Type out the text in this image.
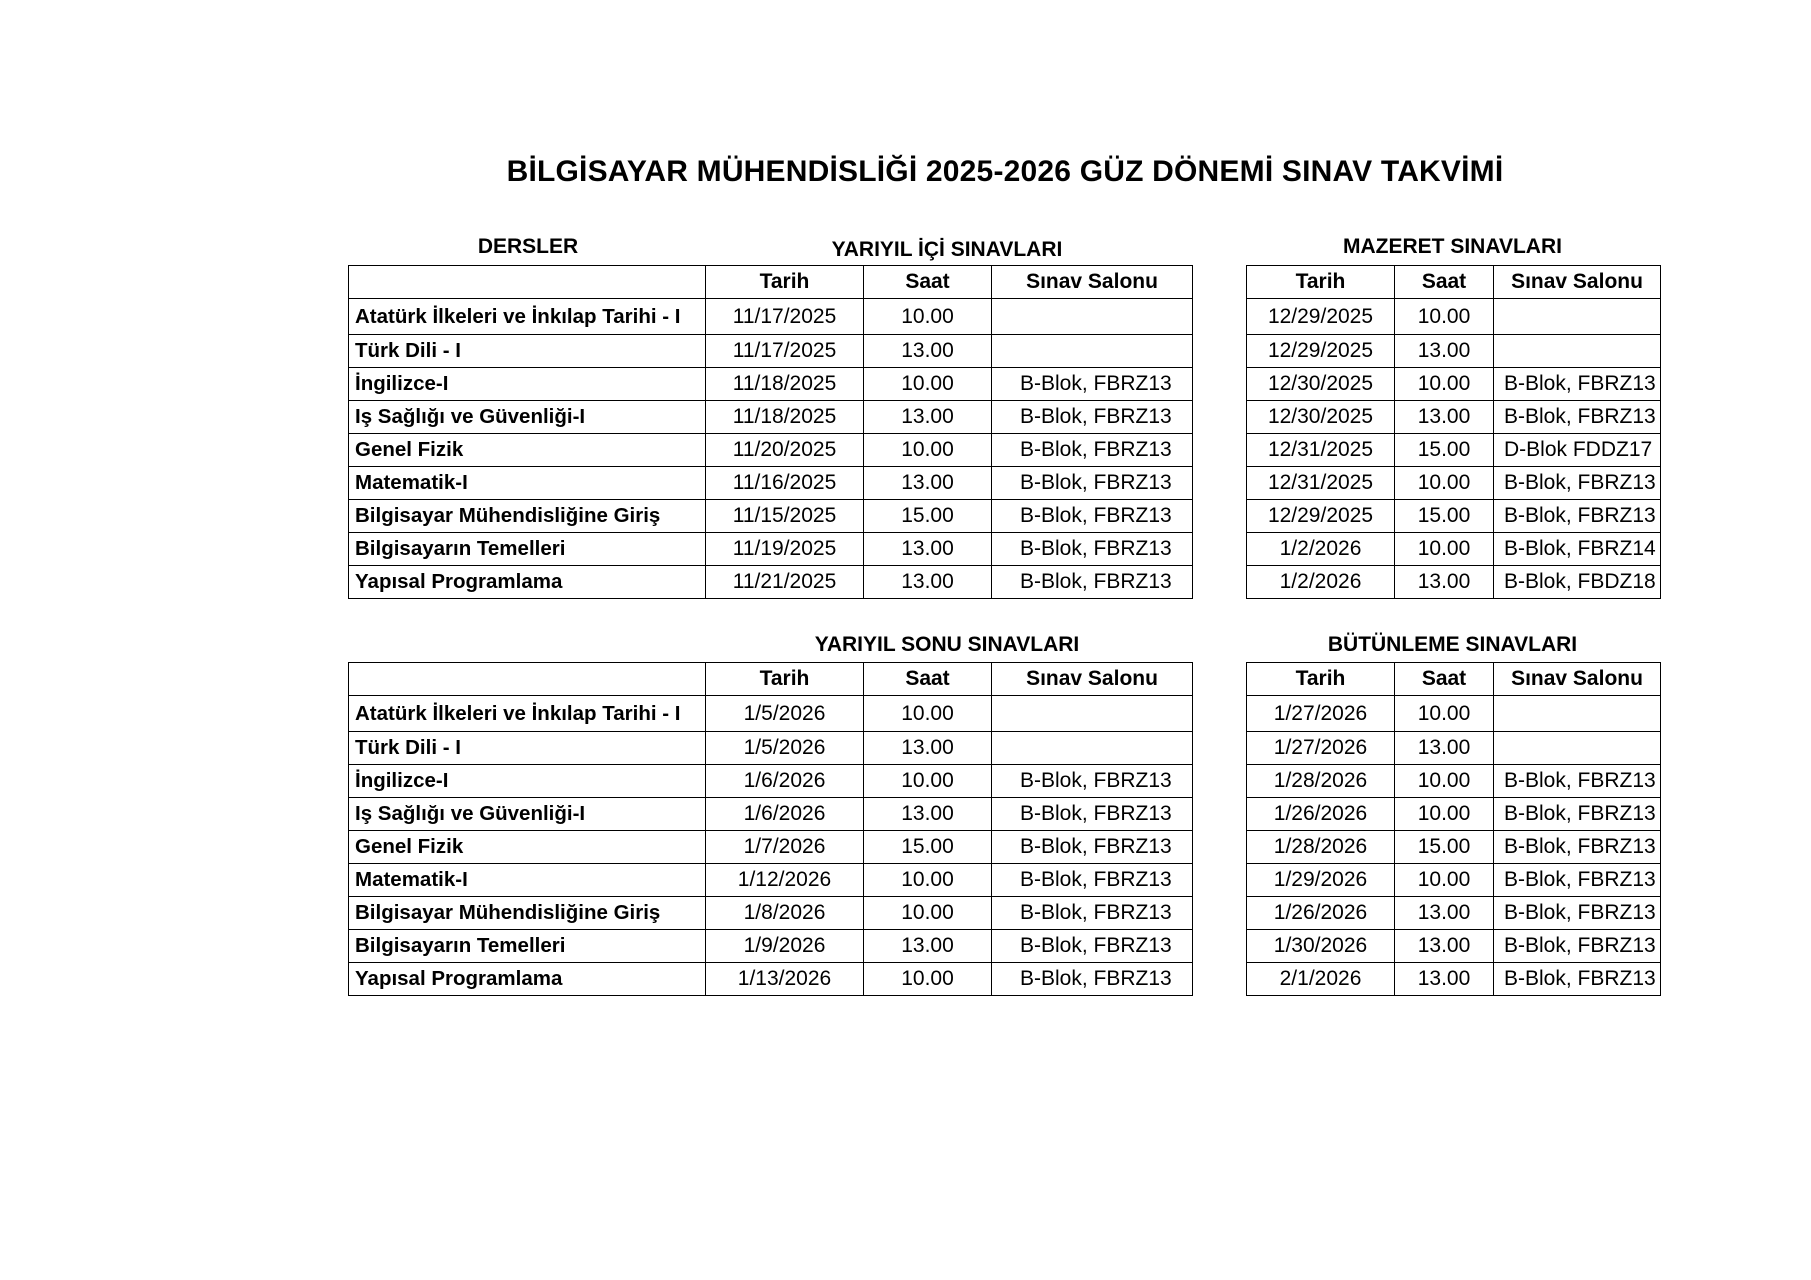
BİLGİSAYAR MÜHENDİSLİĞİ 2025-2026 GÜZ DÖNEMİ SINAV TAKVİMİ
DERSLER	YARIYIL İÇİ SINAVLARI	MAZERET SINAVLARI
YARIYIL SONU SINAVLARI	BÜTÜNLEME SINAVLARI
	Tarih	Saat	Sınav Salonu
Atatürk İlkeleri ve İnkılap Tarihi - I	11/17/2025	10.00	
Türk Dili - I	11/17/2025	13.00	
İngilizce-I	11/18/2025	10.00	B-Blok, FBRZ13
Iş Sağlığı ve Güvenliği-I	11/18/2025	13.00	B-Blok, FBRZ13
Genel Fizik	11/20/2025	10.00	B-Blok, FBRZ13
Matematik-I	11/16/2025	13.00	B-Blok, FBRZ13
Bilgisayar Mühendisliğine Giriş	11/15/2025	15.00	B-Blok, FBRZ13
Bilgisayarın Temelleri	11/19/2025	13.00	B-Blok, FBRZ13
Yapısal Programlama	11/21/2025	13.00	B-Blok, FBRZ13
Tarih	Saat	Sınav Salonu
12/29/2025	10.00	
12/29/2025	13.00	
12/30/2025	10.00	B-Blok, FBRZ13
12/30/2025	13.00	B-Blok, FBRZ13
12/31/2025	15.00	D-Blok FDDZ17
12/31/2025	10.00	B-Blok, FBRZ13
12/29/2025	15.00	B-Blok, FBRZ13
1/2/2026	10.00	B-Blok, FBRZ14
1/2/2026	13.00	B-Blok, FBDZ18
	Tarih	Saat	Sınav Salonu
Atatürk İlkeleri ve İnkılap Tarihi - I	1/5/2026	10.00	
Türk Dili - I	1/5/2026	13.00	
İngilizce-I	1/6/2026	10.00	B-Blok, FBRZ13
Iş Sağlığı ve Güvenliği-I	1/6/2026	13.00	B-Blok, FBRZ13
Genel Fizik	1/7/2026	15.00	B-Blok, FBRZ13
Matematik-I	1/12/2026	10.00	B-Blok, FBRZ13
Bilgisayar Mühendisliğine Giriş	1/8/2026	10.00	B-Blok, FBRZ13
Bilgisayarın Temelleri	1/9/2026	13.00	B-Blok, FBRZ13
Yapısal Programlama	1/13/2026	10.00	B-Blok, FBRZ13
Tarih	Saat	Sınav Salonu
1/27/2026	10.00	
1/27/2026	13.00	
1/28/2026	10.00	B-Blok, FBRZ13
1/26/2026	10.00	B-Blok, FBRZ13
1/28/2026	15.00	B-Blok, FBRZ13
1/29/2026	10.00	B-Blok, FBRZ13
1/26/2026	13.00	B-Blok, FBRZ13
1/30/2026	13.00	B-Blok, FBRZ13
2/1/2026	13.00	B-Blok, FBRZ13
